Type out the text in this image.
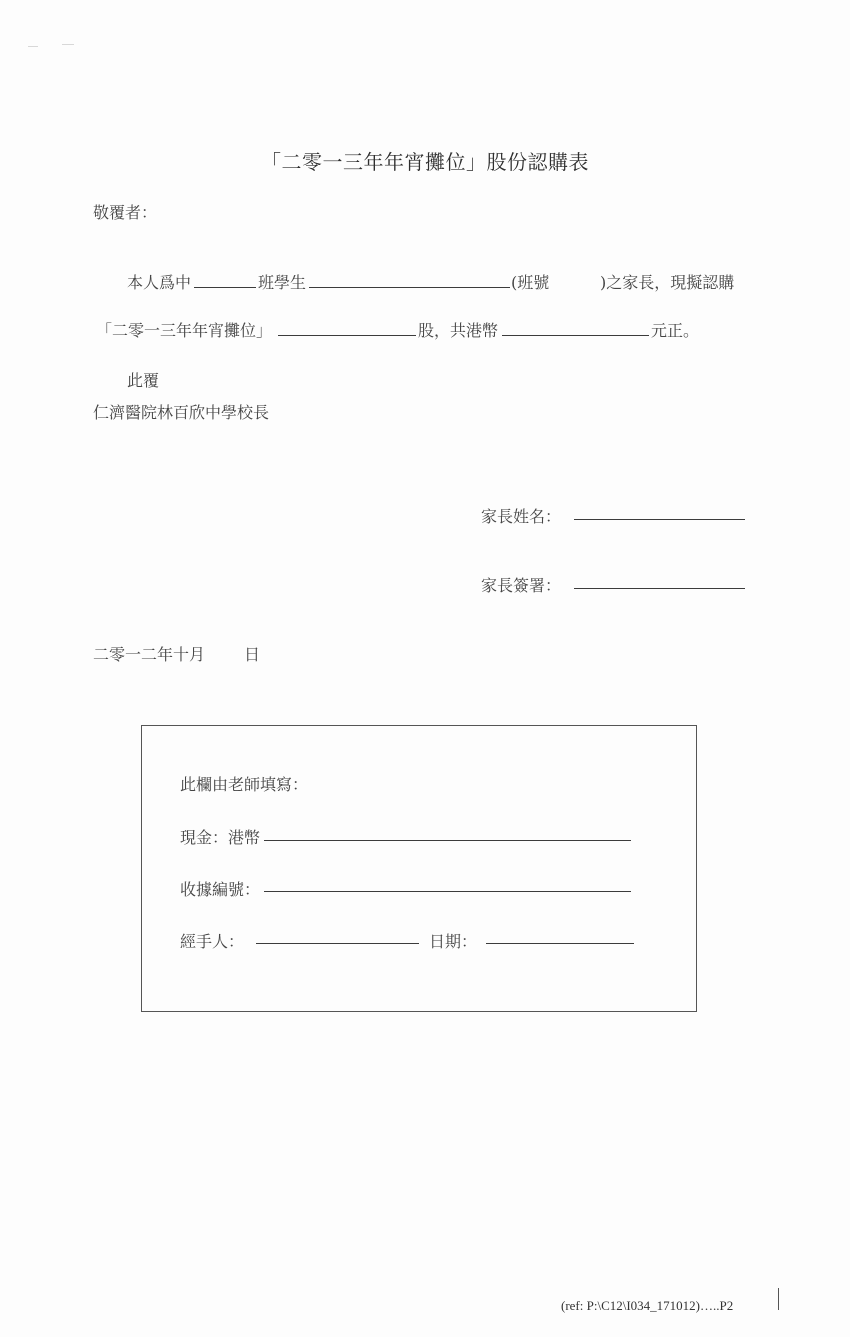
「二零一三年年宵攤位」股份認購表
敬覆者：
本人爲中	班學生	(班號	)之家長，現擬認購
「二零一三年年宵攤位」	股，共港幣	元正。
此覆
仁濟醫院林百欣中學校長
家長姓名：
家長簽署：
二零一二年十月 日
此欄由老師填寫：
現金：港幣
收據編號：
經手人：	日期：
(ref: P:\C12\I034_171012)…..P2
